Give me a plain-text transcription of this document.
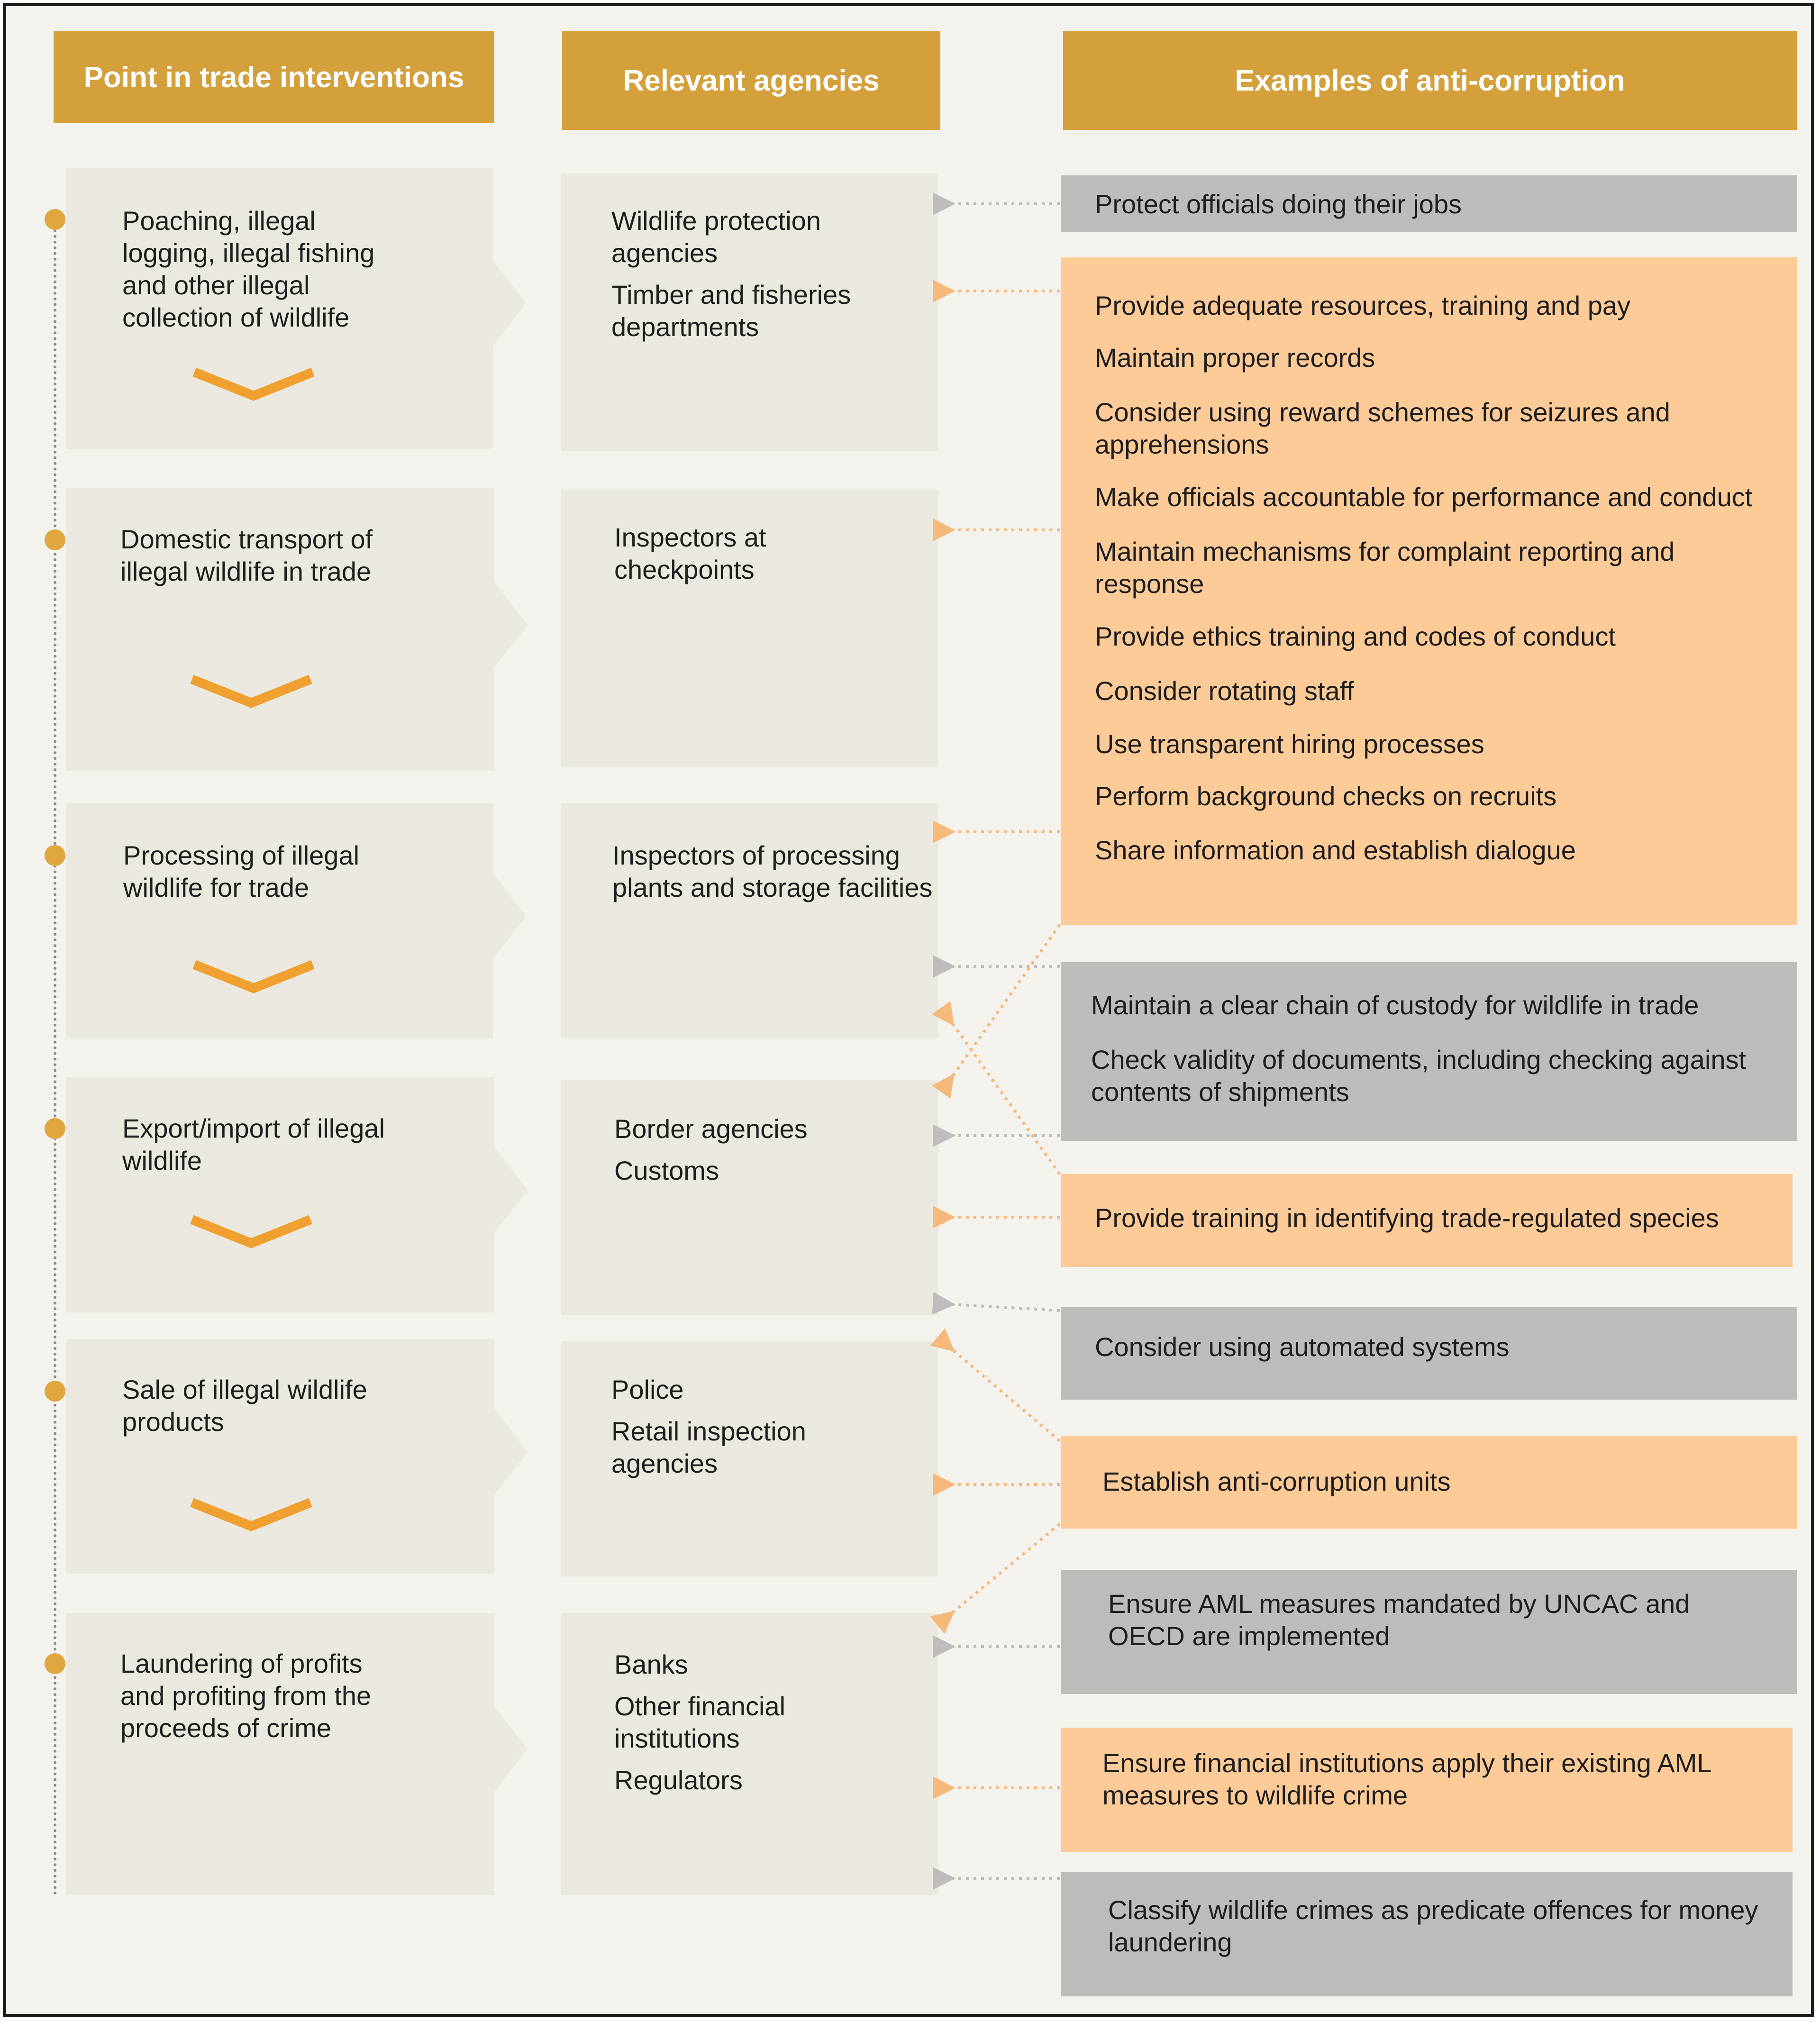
Point in trade interventions	Relevant agencies	Examples of anti-corruption
Poaching, illegal
logging, illegal fishing
and other illegal
collection of wildlife
Domestic transport of
illegal wildlife in trade
Processing of illegal
wildlife for trade
Export/import of illegal
wildlife
Sale of illegal wildlife
products
Laundering of profits
and profiting from the
proceeds of crime
Wildlife protection agencies
Timber and fisheries departments
Inspectors at checkpoints
Inspectors of processing plants and storage facilities
Border agencies
Customs
Police
Retail inspection agencies
Banks
Other financial institutions
Regulators
Protect officials doing their jobs
Provide adequate resources, training and pay
Maintain proper records
Consider using reward schemes for seizures and apprehensions
Make officials accountable for performance and conduct
Maintain mechanisms for complaint reporting and response
Provide ethics training and codes of conduct
Consider rotating staff
Use transparent hiring processes
Perform background checks on recruits
Share information and establish dialogue
Maintain a clear chain of custody for wildlife in trade
Check validity of documents, including checking against contents of shipments
Provide training in identifying trade-regulated species
Consider using automated systems
Establish anti-corruption units
Ensure AML measures mandated by UNCAC and OECD are implemented
Ensure financial institutions apply their existing AML measures to wildlife crime
Classify wildlife crimes as predicate offences for money laundering
